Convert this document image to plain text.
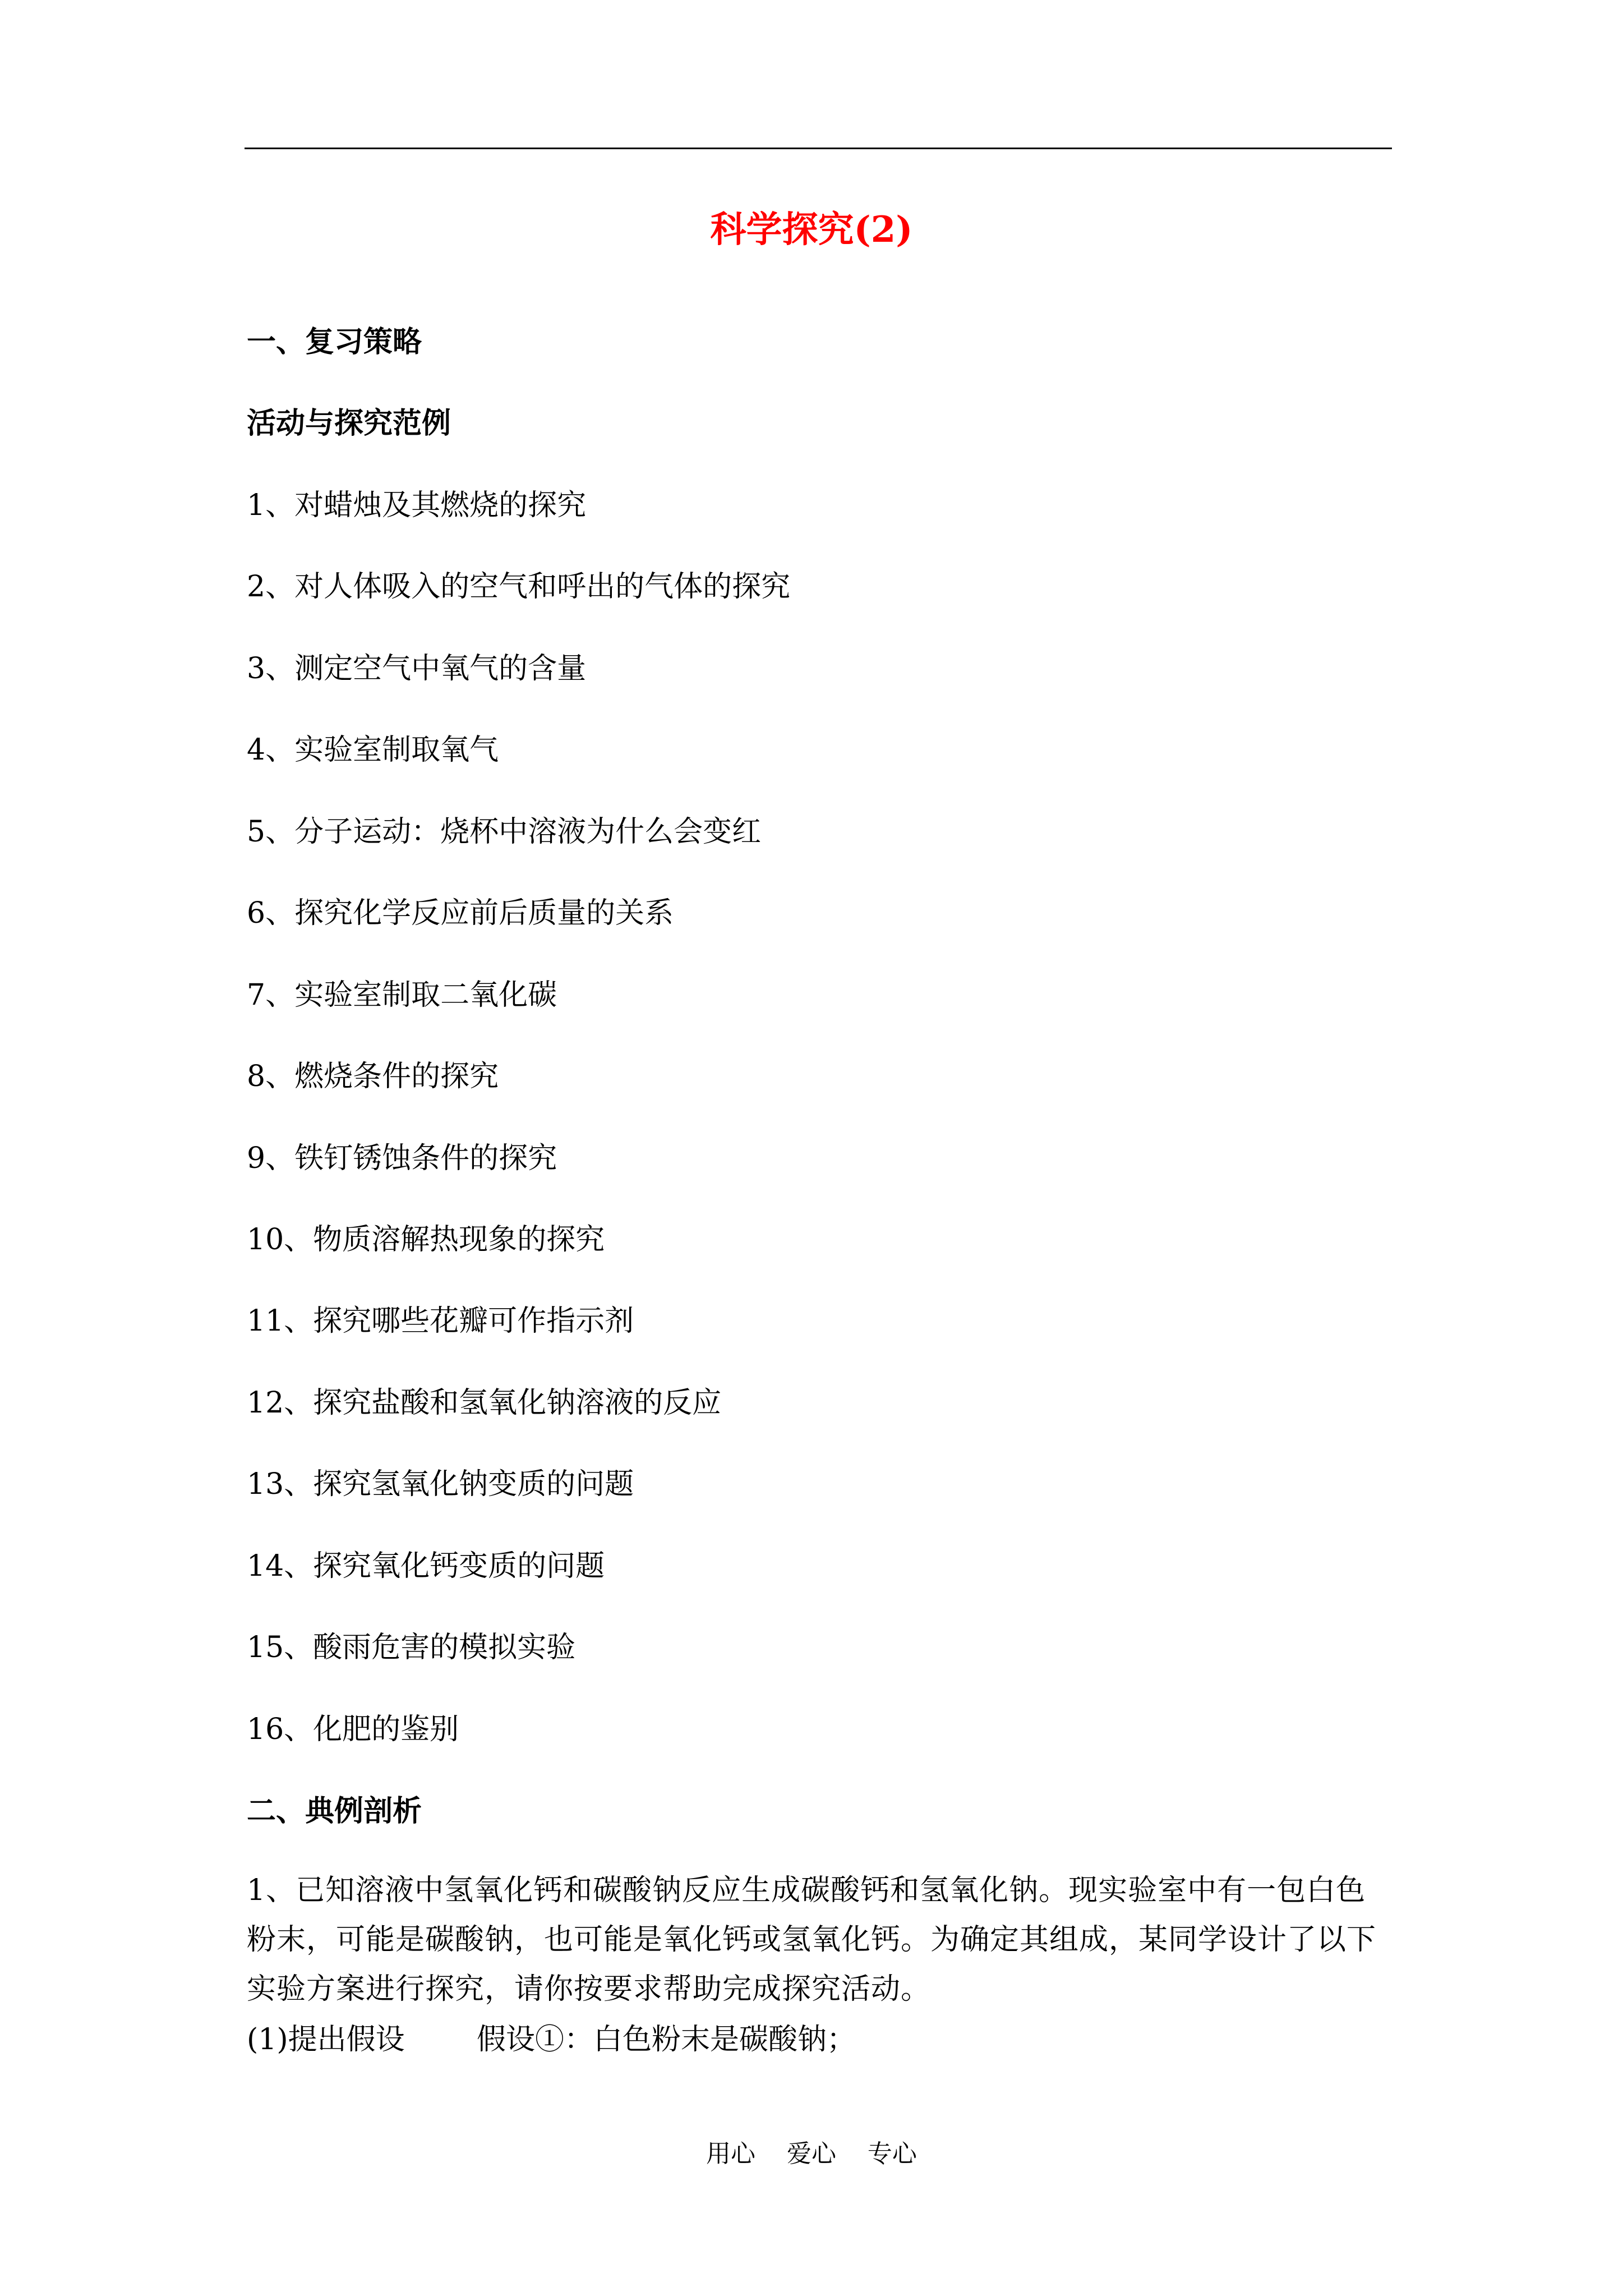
科学探究(2)
一、复习策略
活动与探究范例
1、对蜡烛及其燃烧的探究
2、对人体吸入的空气和呼出的气体的探究
3、测定空气中氧气的含量
4、实验室制取氧气
5、分子运动：烧杯中溶液为什么会变红
6、探究化学反应前后质量的关系
7、实验室制取二氧化碳
8、燃烧条件的探究
9、铁钉锈蚀条件的探究
10、物质溶解热现象的探究
11、探究哪些花瓣可作指示剂
12、探究盐酸和氢氧化钠溶液的反应
13、探究氢氧化钠变质的问题
14、探究氧化钙变质的问题
15、酸雨危害的模拟实验
16、化肥的鉴别
二、典例剖析
1、已知溶液中氢氧化钙和碳酸钠反应生成碳酸钙和氢氧化钠。现实验室中有一包白色
粉末，可能是碳酸钠，也可能是氧化钙或氢氧化钙。为确定其组成，某同学设计了以下
实验方案进行探究，请你按要求帮助完成探究活动。
(1)提出假设 假设①：白色粉末是碳酸钠；
用心    爱心    专心
